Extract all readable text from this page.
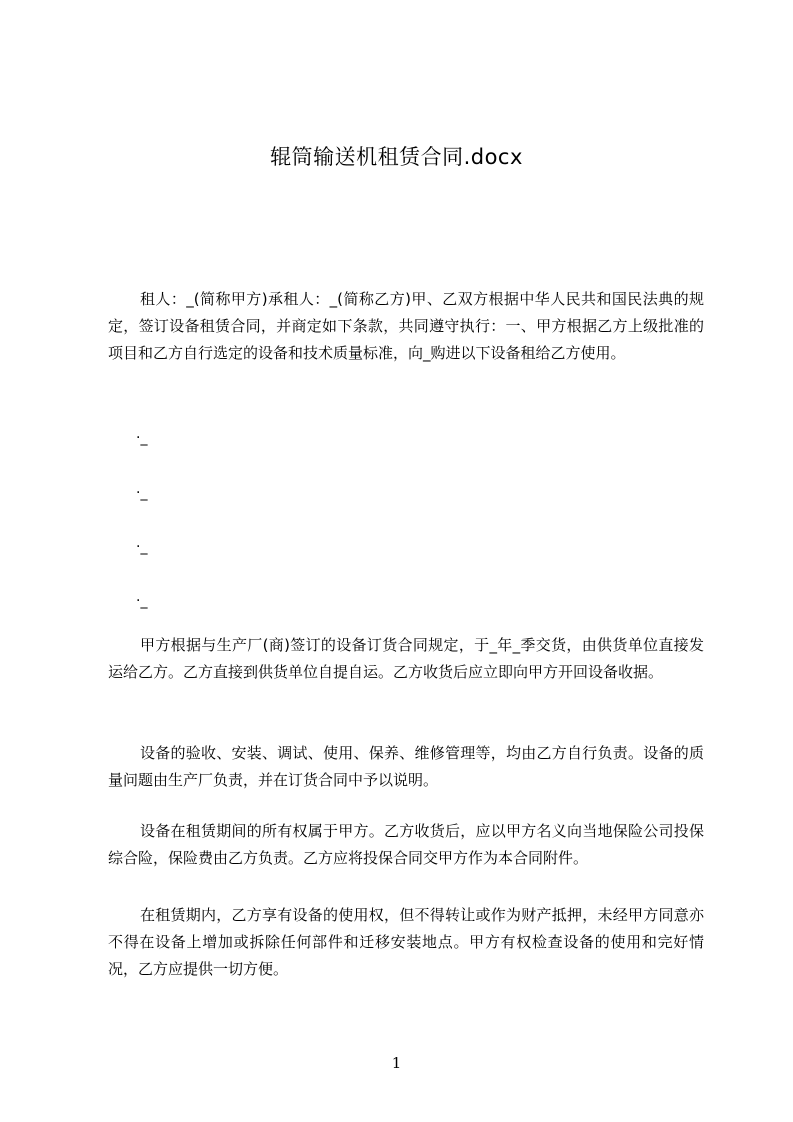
辊筒输送机租赁合同.docx

租人：_(简称甲方)承租人：_(简称乙方)甲、乙双方根据中华人民共和国民法典的规定，签订设备租赁合同，并商定如下条款，共同遵守执行：一、甲方根据乙方上级批准的项目和乙方自行选定的设备和技术质量标准，向_购进以下设备租给乙方使用。

·_
·_
·_
·_

甲方根据与生产厂(商)签订的设备订货合同规定，于_年_季交货，由供货单位直接发运给乙方。乙方直接到供货单位自提自运。乙方收货后应立即向甲方开回设备收据。

设备的验收、安装、调试、使用、保养、维修管理等，均由乙方自行负责。设备的质量问题由生产厂负责，并在订货合同中予以说明。

设备在租赁期间的所有权属于甲方。乙方收货后，应以甲方名义向当地保险公司投保综合险，保险费由乙方负责。乙方应将投保合同交甲方作为本合同附件。

在租赁期内，乙方享有设备的使用权，但不得转让或作为财产抵押，未经甲方同意亦不得在设备上增加或拆除任何部件和迁移安装地点。甲方有权检查设备的使用和完好情况，乙方应提供一切方便。

1
